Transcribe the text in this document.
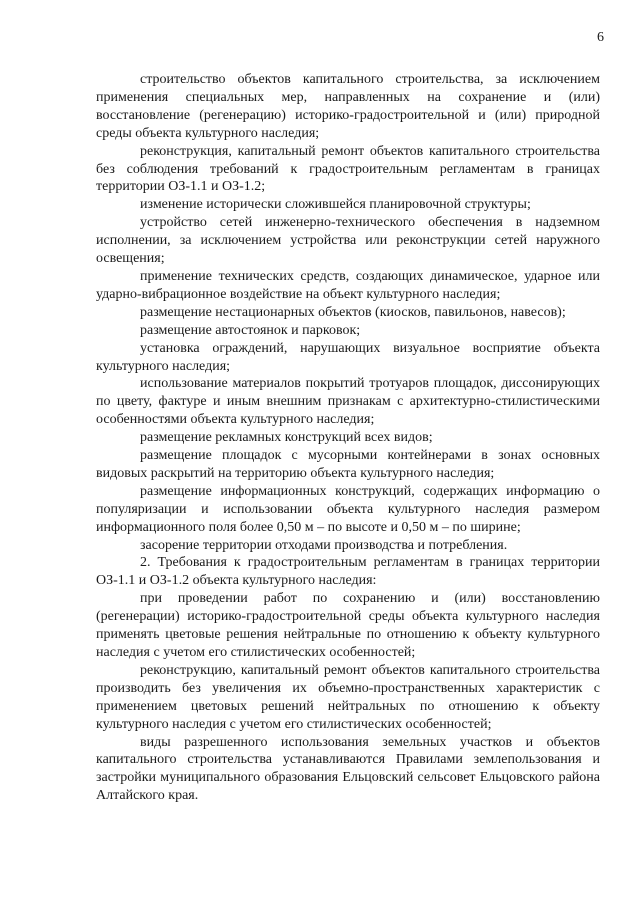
6

строительство объектов капитального строительства, за исключением применения специальных мер, направленных на сохранение и (или) восстановление (регенерацию) историко-градостроительной и (или) природной среды объекта культурного наследия;

реконструкция, капитальный ремонт объектов капитального строительства без соблюдения требований к градостроительным регламентам в границах территории ОЗ-1.1 и ОЗ-1.2;

изменение исторически сложившейся планировочной структуры;

устройство сетей инженерно-технического обеспечения в надземном исполнении, за исключением устройства или реконструкции сетей наружного освещения;

применение технических средств, создающих динамическое, ударное или ударно-вибрационное воздействие на объект культурного наследия;

размещение нестационарных объектов (киосков, павильонов, навесов);

размещение автостоянок и парковок;

установка ограждений, нарушающих визуальное восприятие объекта культурного наследия;

использование материалов покрытий тротуаров площадок, диссонирующих по цвету, фактуре и иным внешним признакам с архитектурно-стилистическими особенностями объекта культурного наследия;

размещение рекламных конструкций всех видов;

размещение площадок с мусорными контейнерами в зонах основных видовых раскрытий на территорию объекта культурного наследия;

размещение информационных конструкций, содержащих информацию о популяризации и использовании объекта культурного наследия размером информационного поля более 0,50 м – по высоте и 0,50 м – по ширине;

засорение территории отходами производства и потребления.

2. Требования к градостроительным регламентам в границах территории ОЗ-1.1 и ОЗ-1.2 объекта культурного наследия:

при проведении работ по сохранению и (или) восстановлению (регенерации) историко-градостроительной среды объекта культурного наследия применять цветовые решения нейтральные по отношению к объекту культурного наследия с учетом его стилистических особенностей;

реконструкцию, капитальный ремонт объектов капитального строительства производить без увеличения их объемно-пространственных характеристик с применением цветовых решений нейтральных по отношению к объекту культурного наследия с учетом его стилистических особенностей;

виды разрешенного использования земельных участков и объектов капитального строительства устанавливаются Правилами землепользования и застройки муниципального образования Ельцовский сельсовет Ельцовского района Алтайского края.
